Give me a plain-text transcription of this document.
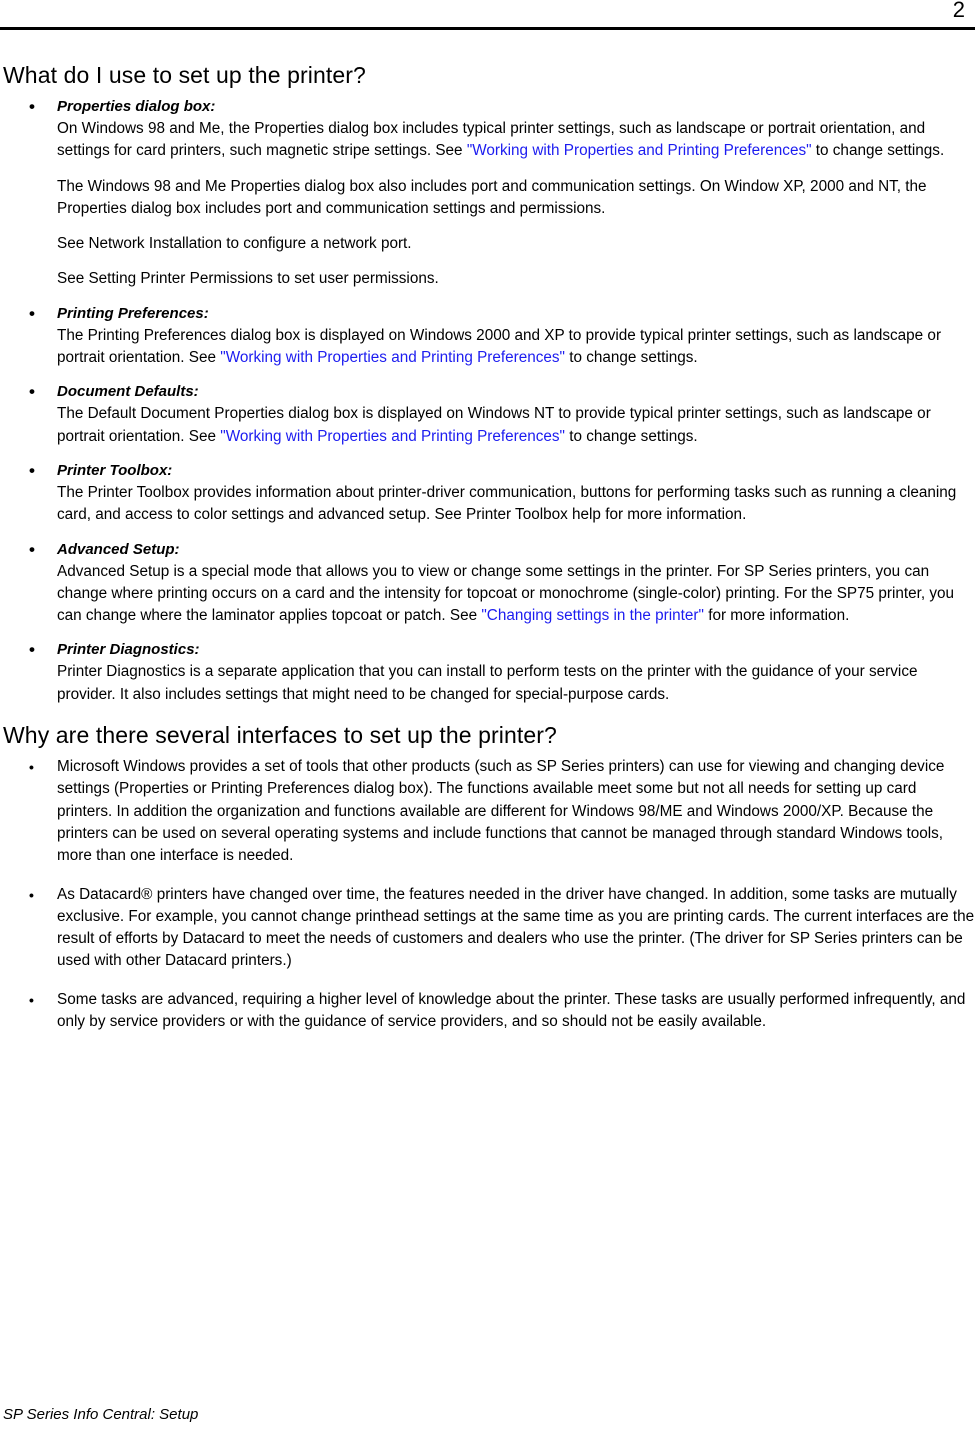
2
What do I use to set up the printer?
• Properties dialog box:

On Windows 98 and Me, the Properties dialog box includes typical printer settings, such as landscape or portrait orientation, and settings for card printers, such magnetic stripe settings. See "Working with Properties and Printing Preferences" to change settings.

The Windows 98 and Me Properties dialog box also includes port and communication settings. On Window XP, 2000 and NT, the Properties dialog box includes port and communication settings and permissions.

See Network Installation to configure a network port.

See Setting Printer Permissions to set user permissions.

• Printing Preferences:

The Printing Preferences dialog box is displayed on Windows 2000 and XP to provide typical printer settings, such as landscape or portrait orientation. See "Working with Properties and Printing Preferences" to change settings.

• Document Defaults:

The Default Document Properties dialog box is displayed on Windows NT to provide typical printer settings, such as landscape or portrait orientation. See "Working with Properties and Printing Preferences" to change settings.

• Printer Toolbox:

The Printer Toolbox provides information about printer-driver communication, buttons for performing tasks such as running a cleaning card, and access to color settings and advanced setup. See Printer Toolbox help for more information.

• Advanced Setup:

Advanced Setup is a special mode that allows you to view or change some settings in the printer. For SP Series printers, you can change where printing occurs on a card and the intensity for topcoat or monochrome (single-color) printing. For the SP75 printer, you can change where the laminator applies topcoat or patch. See "Changing settings in the printer" for more information.

• Printer Diagnostics:

Printer Diagnostics is a separate application that you can install to perform tests on the printer with the guidance of your service provider. It also includes settings that might need to be changed for special-purpose cards.

Why are there several interfaces to set up the printer?
• Microsoft Windows provides a set of tools that other products (such as SP Series printers) can use for viewing and changing device settings (Properties or Printing Preferences dialog box). The functions available meet some but not all needs for setting up card printers. In addition the organization and functions available are different for Windows 98/ME and Windows 2000/XP. Because the printers can be used on several operating systems and include functions that cannot be managed through standard Windows tools, more than one interface is needed.

• As Datacard® printers have changed over time, the features needed in the driver have changed. In addition, some tasks are mutually exclusive. For example, you cannot change printhead settings at the same time as you are printing cards. The current interfaces are the result of efforts by Datacard to meet the needs of customers and dealers who use the printer. (The driver for SP Series printers can be used with other Datacard printers.)

• Some tasks are advanced, requiring a higher level of knowledge about the printer. These tasks are usually performed infrequently, and only by service providers or with the guidance of service providers, and so should not be easily available.

SP Series Info Central: Setup
